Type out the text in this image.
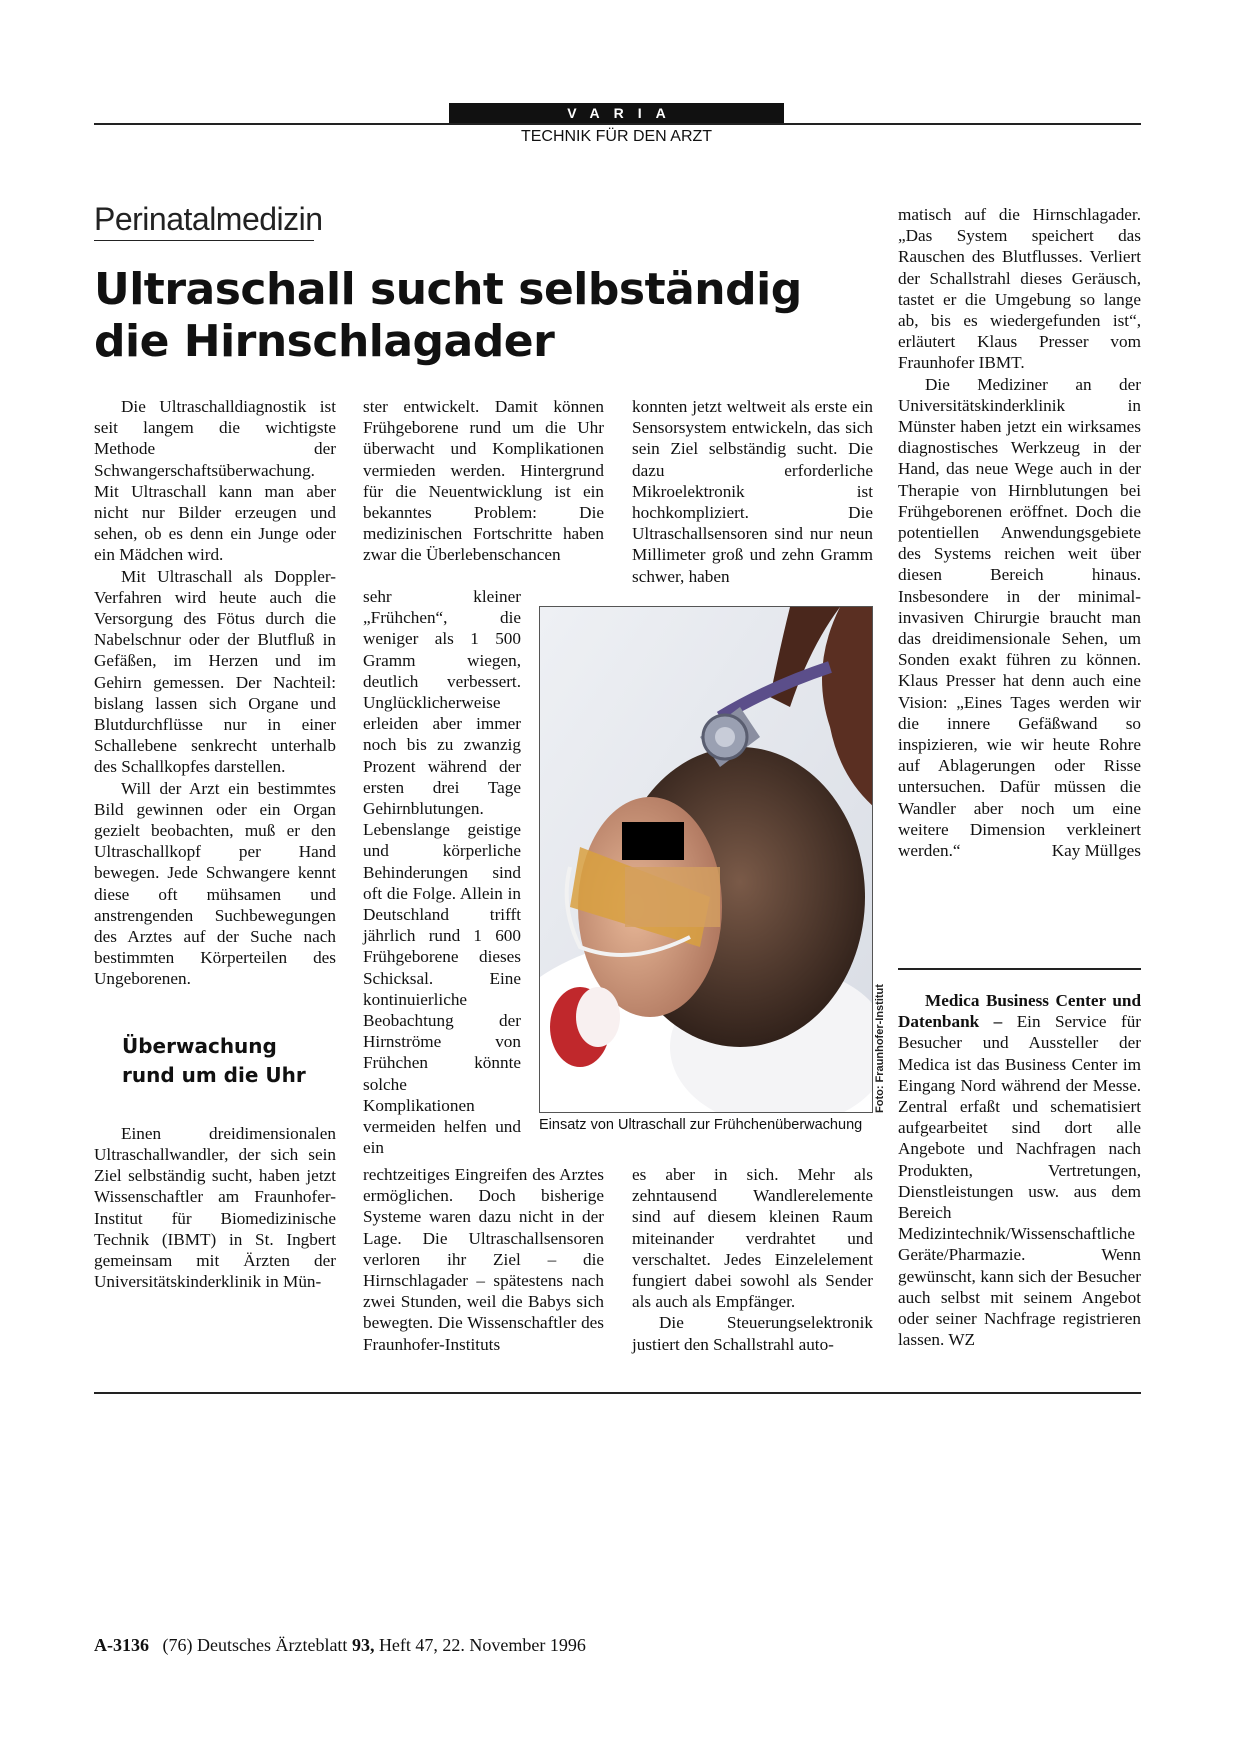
VARIA
TECHNIK FÜR DEN ARZT
Perinatalmedizin
Ultraschall sucht selbständig
die Hirnschlagader

Die Ultraschalldiagnostik ist seit langem die wichtigste Methode der Schwangerschaftsüberwachung. Mit Ultraschall kann man aber nicht nur Bilder erzeugen und sehen, ob es denn ein Junge oder ein Mädchen wird.

Mit Ultraschall als Doppler-Verfahren wird heute auch die Versorgung des Fötus durch die Nabelschnur oder der Blutfluß in Gefäßen, im Herzen und im Gehirn gemessen. Der Nachteil: bislang lassen sich Organe und Blutdurchflüsse nur in einer Schallebene senkrecht unterhalb des Schallkopfes darstellen.

Will der Arzt ein bestimmtes Bild gewinnen oder ein Organ gezielt beobachten, muß er den Ultraschallkopf per Hand bewegen. Jede Schwangere kennt diese oft mühsamen und anstrengenden Suchbewegungen des Arztes auf der Suche nach bestimmten Körperteilen des Ungeborenen.

Überwachung
rund um die Uhr

Einen dreidimensionalen Ultraschallwandler, der sich sein Ziel selbständig sucht, haben jetzt Wissenschaftler am Fraunhofer-Institut für Biomedizinische Technik (IBMT) in St. Ingbert gemeinsam mit Ärzten der Universitätskinderklinik in Mün-

ster entwickelt. Damit können Frühgeborene rund um die Uhr überwacht und Komplikationen vermieden werden. Hintergrund für die Neuentwicklung ist ein bekanntes Problem: Die medizinischen Fortschritte haben zwar die Überlebenschancen

sehr kleiner „Frühchen“, die weniger als 1 500 Gramm wiegen, deutlich verbessert. Unglücklicherweise erleiden aber immer noch bis zu zwanzig Prozent während der ersten drei Tage Gehirnblutungen. Lebenslange geistige und körperliche Behinderungen sind oft die Folge. Allein in Deutschland trifft jährlich rund 1 600 Frühgeborene dieses Schicksal. Eine kontinuierliche Beobachtung der Hirnströme von Frühchen könnte solche Komplikationen vermeiden helfen und ein

rechtzeitiges Eingreifen des Arztes ermöglichen. Doch bisherige Systeme waren dazu nicht in der Lage. Die Ultraschallsensoren verloren ihr Ziel – die Hirnschlagader – spätestens nach zwei Stunden, weil die Babys sich bewegten. Die Wissenschaftler des Fraunhofer-Instituts

konnten jetzt weltweit als erste ein Sensorsystem entwickeln, das sich sein Ziel selbständig sucht. Die dazu erforderliche Mikroelektronik ist hochkompliziert. Die Ultraschallsensoren sind nur neun Millimeter groß und zehn Gramm schwer, haben

es aber in sich. Mehr als zehntausend Wandlerelemente sind auf diesem kleinen Raum miteinander verdrahtet und verschaltet. Jedes Einzelelement fungiert dabei sowohl als Sender als auch als Empfänger.

Die Steuerungselektronik justiert den Schallstrahl auto-

Einsatz von Ultraschall zur Frühchenüberwachung
Foto: Fraunhofer-Institut

matisch auf die Hirnschlagader. „Das System speichert das Rauschen des Blutflusses. Verliert der Schallstrahl dieses Geräusch, tastet er die Umgebung so lange ab, bis es wiedergefunden ist“, erläutert Klaus Presser vom Fraunhofer IBMT.

Die Mediziner an der Universitätskinderklinik in Münster haben jetzt ein wirksames diagnostisches Werkzeug in der Hand, das neue Wege auch in der Therapie von Hirnblutungen bei Frühgeborenen eröffnet. Doch die potentiellen Anwendungsgebiete des Systems reichen weit über diesen Bereich hinaus. Insbesondere in der minimal-invasiven Chirurgie braucht man das dreidimensionale Sehen, um Sonden exakt führen zu können. Klaus Presser hat denn auch eine Vision: „Eines Tages werden wir die innere Gefäßwand so inspizieren, wie wir heute Rohre auf Ablagerungen oder Risse untersuchen. Dafür müssen die Wandler aber noch um eine weitere Dimension verkleinert werden.“	Kay Müllges

Medica Business Center und Datenbank – Ein Service für Besucher und Aussteller der Medica ist das Business Center im Eingang Nord während der Messe. Zentral erfaßt und schematisiert aufgearbeitet sind dort alle Angebote und Nachfragen nach Produkten, Vertretungen, Dienstleistungen usw. aus dem Bereich Medizintechnik/Wissenschaftliche Geräte/Pharmazie. Wenn gewünscht, kann sich der Besucher auch selbst mit seinem Angebot oder seiner Nachfrage registrieren lassen. WZ

A-3136 (76) Deutsches Ärzteblatt 93, Heft 47, 22. November 1996
